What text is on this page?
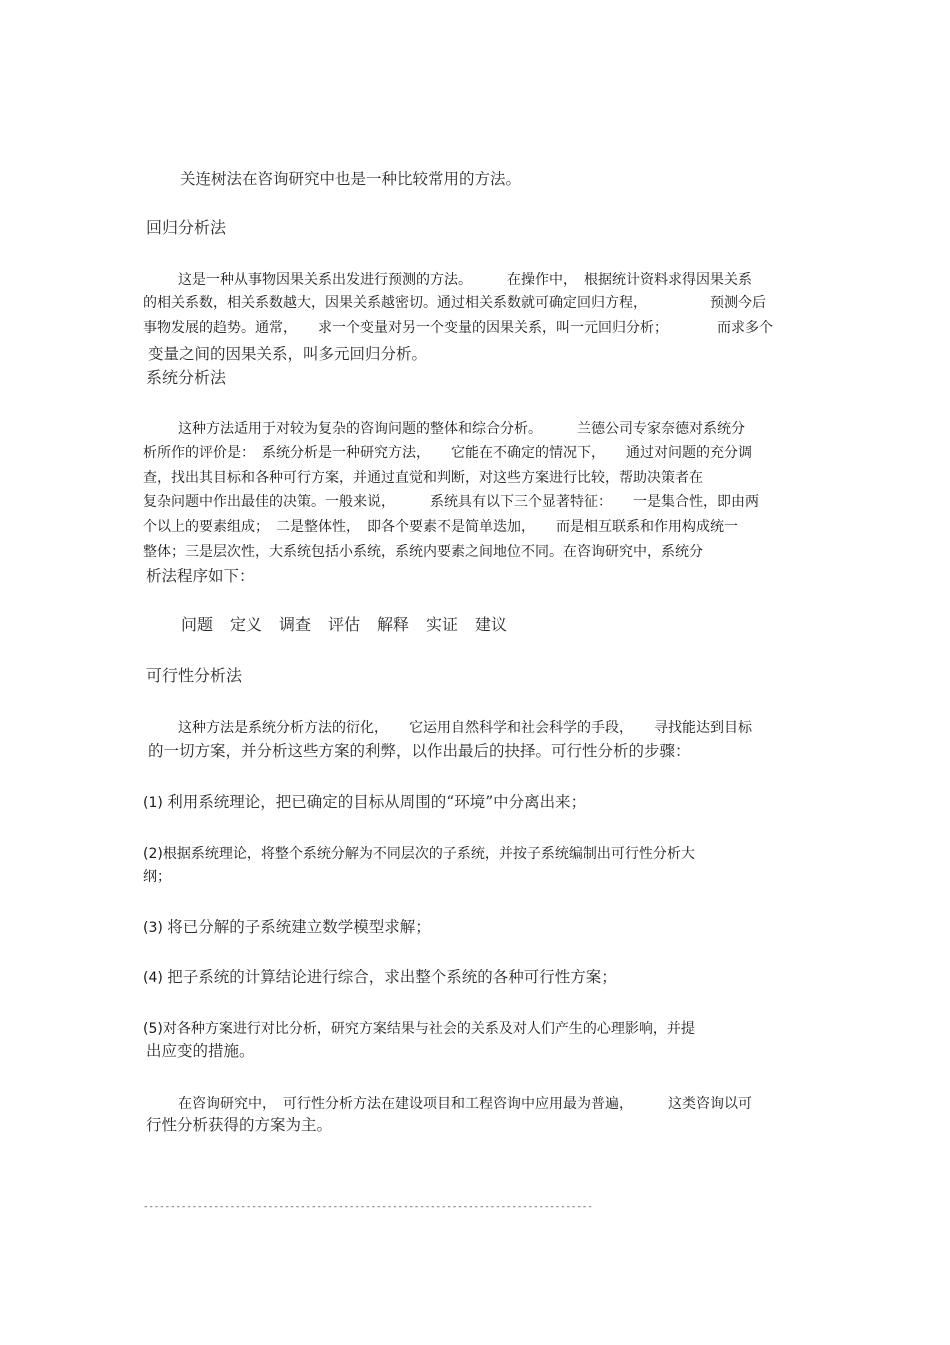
关连树法在咨询研究中也是一种比较常用的方法。
回归分析法
这是一种从事物因果关系出发进行预测的方法。　　　在操作中，　根据统计资料求得因果关系
的相关系数，相关系数越大，因果关系越密切。通过相关系数就可确定回归方程，　　　　　预测今后
事物发展的趋势。通常，　　求一个变量对另一个变量的因果关系，叫一元回归分析；　　　　而求多个
变量之间的因果关系，叫多元回归分析。
系统分析法
这种方法适用于对较为复杂的咨询问题的整体和综合分析。　　　兰德公司专家奈德对系统分
析所作的评价是：　系统分析是一种研究方法，　　它能在不确定的情况下，　　通过对问题的充分调
查，找出其目标和各种可行方案，并通过直觉和判断，对这些方案进行比较，帮助决策者在
复杂问题中作出最佳的决策。一般来说，　　　系统具有以下三个显著特征：　　一是集合性，即由两
个以上的要素组成；　二是整体性，　即各个要素不是简单迭加，　　而是相互联系和作用构成统一
整体；三是层次性，大系统包括小系统，系统内要素之间地位不同。在咨询研究中，系统分
析法程序如下：
问题 定义 调查 评估 解释 实证 建议
可行性分析法
这种方法是系统分析方法的衍化，　　它运用自然科学和社会科学的手段，　　寻找能达到目标
的一切方案，并分析这些方案的利弊，以作出最后的抉择。可行性分析的步骤：
(1) 利用系统理论，把已确定的目标从周围的“环境”中分离出来；
(2)根据系统理论，将整个系统分解为不同层次的子系统，并按子系统编制出可行性分析大
纲；
(3) 将已分解的子系统建立数学模型求解；
(4) 把子系统的计算结论进行综合，求出整个系统的各种可行性方案；
(5)对各种方案进行对比分析，研究方案结果与社会的关系及对人们产生的心理影响，并提
出应变的措施。
在咨询研究中，　可行性分析方法在建设项目和工程咨询中应用最为普遍，　　　这类咨询以可
行性分析获得的方案为主。
-----------------------------------------------------------------------------------
